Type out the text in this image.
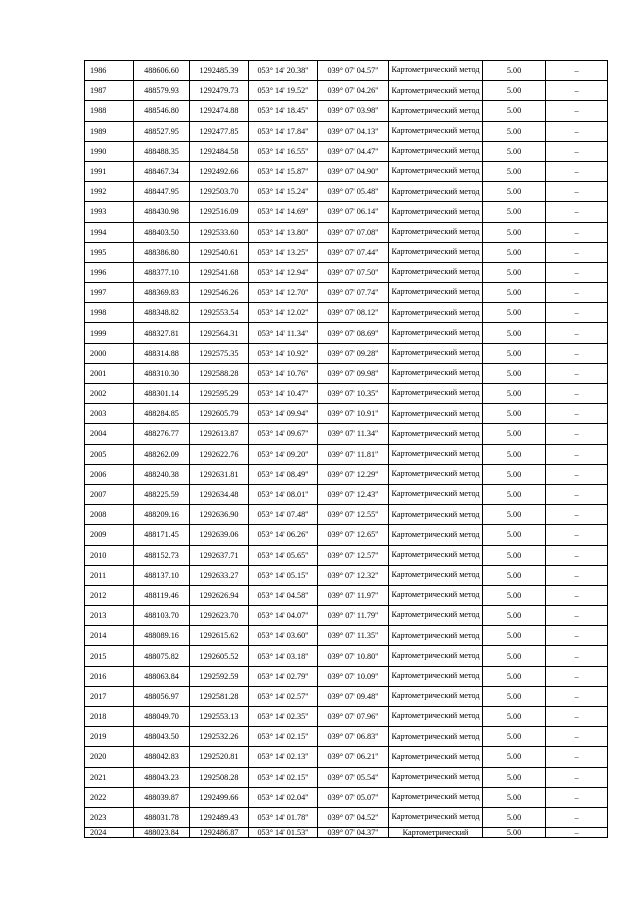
1986	488606.60	1292485.39	053° 14' 20.38"	039° 07' 04.57"	Картометрический метод	5.00	–
1987	488579.93	1292479.73	053° 14' 19.52"	039° 07' 04.26"	Картометрический метод	5.00	–
1988	488546.80	1292474.88	053° 14' 18.45"	039° 07' 03.98"	Картометрический метод	5.00	–
1989	488527.95	1292477.85	053° 14' 17.84"	039° 07' 04.13"	Картометрический метод	5.00	–
1990	488488.35	1292484.58	053° 14' 16.55"	039° 07' 04.47"	Картометрический метод	5.00	–
1991	488467.34	1292492.66	053° 14' 15.87"	039° 07' 04.90"	Картометрический метод	5.00	–
1992	488447.95	1292503.70	053° 14' 15.24"	039° 07' 05.48"	Картометрический метод	5.00	–
1993	488430.98	1292516.09	053° 14' 14.69"	039° 07' 06.14"	Картометрический метод	5.00	–
1994	488403.50	1292533.60	053° 14' 13.80"	039° 07' 07.08"	Картометрический метод	5.00	–
1995	488386.80	1292540.61	053° 14' 13.25"	039° 07' 07.44"	Картометрический метод	5.00	–
1996	488377.10	1292541.68	053° 14' 12.94"	039° 07' 07.50"	Картометрический метод	5.00	–
1997	488369.83	1292546.26	053° 14' 12.70"	039° 07' 07.74"	Картометрический метод	5.00	–
1998	488348.82	1292553.54	053° 14' 12.02"	039° 07' 08.12"	Картометрический метод	5.00	–
1999	488327.81	1292564.31	053° 14' 11.34"	039° 07' 08.69"	Картометрический метод	5.00	–
2000	488314.88	1292575.35	053° 14' 10.92"	039° 07' 09.28"	Картометрический метод	5.00	–
2001	488310.30	1292588.28	053° 14' 10.76"	039° 07' 09.98"	Картометрический метод	5.00	–
2002	488301.14	1292595.29	053° 14' 10.47"	039° 07' 10.35"	Картометрический метод	5.00	–
2003	488284.85	1292605.79	053° 14' 09.94"	039° 07' 10.91"	Картометрический метод	5.00	–
2004	488276.77	1292613.87	053° 14' 09.67"	039° 07' 11.34"	Картометрический метод	5.00	–
2005	488262.09	1292622.76	053° 14' 09.20"	039° 07' 11.81"	Картометрический метод	5.00	–
2006	488240.38	1292631.81	053° 14' 08.49"	039° 07' 12.29"	Картометрический метод	5.00	–
2007	488225.59	1292634.48	053° 14' 08.01"	039° 07' 12.43"	Картометрический метод	5.00	–
2008	488209.16	1292636.90	053° 14' 07.48"	039° 07' 12.55"	Картометрический метод	5.00	–
2009	488171.45	1292639.06	053° 14' 06.26"	039° 07' 12.65"	Картометрический метод	5.00	–
2010	488152.73	1292637.71	053° 14' 05.65"	039° 07' 12.57"	Картометрический метод	5.00	–
2011	488137.10	1292633.27	053° 14' 05.15"	039° 07' 12.32"	Картометрический метод	5.00	–
2012	488119.46	1292626.94	053° 14' 04.58"	039° 07' 11.97"	Картометрический метод	5.00	–
2013	488103.70	1292623.70	053° 14' 04.07"	039° 07' 11.79"	Картометрический метод	5.00	–
2014	488089.16	1292615.62	053° 14' 03.60"	039° 07' 11.35"	Картометрический метод	5.00	–
2015	488075.82	1292605.52	053° 14' 03.18"	039° 07' 10.80"	Картометрический метод	5.00	–
2016	488063.84	1292592.59	053° 14' 02.79"	039° 07' 10.09"	Картометрический метод	5.00	–
2017	488056.97	1292581.28	053° 14' 02.57"	039° 07' 09.48"	Картометрический метод	5.00	–
2018	488049.70	1292553.13	053° 14' 02.35"	039° 07' 07.96"	Картометрический метод	5.00	–
2019	488043.50	1292532.26	053° 14' 02.15"	039° 07' 06.83"	Картометрический метод	5.00	–
2020	488042.83	1292520.81	053° 14' 02.13"	039° 07' 06.21"	Картометрический метод	5.00	–
2021	488043.23	1292508.28	053° 14' 02.15"	039° 07' 05.54"	Картометрический метод	5.00	–
2022	488039.87	1292499.66	053° 14' 02.04"	039° 07' 05.07"	Картометрический метод	5.00	–
2023	488031.78	1292489.43	053° 14' 01.78"	039° 07' 04.52"	Картометрический метод	5.00	–
2024	488023.84	1292486.87	053° 14' 01.53"	039° 07' 04.37"	Картометрический	5.00	–
